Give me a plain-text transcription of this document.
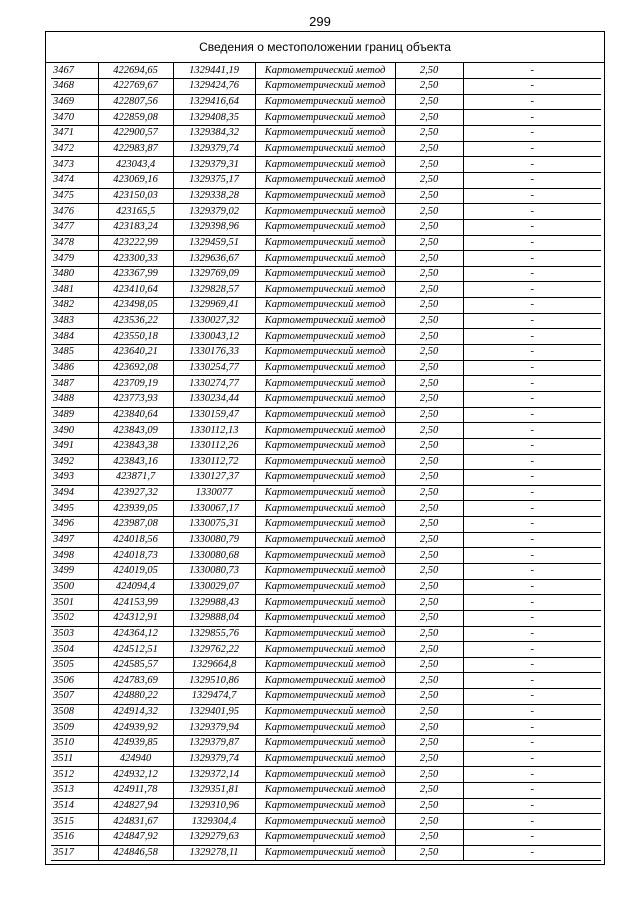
299
Сведения о местоположении границ объекта
3467	422694,65	1329441,19	Картометрический метод	2,50	-
3468	422769,67	1329424,76	Картометрический метод	2,50	-
3469	422807,56	1329416,64	Картометрический метод	2,50	-
3470	422859,08	1329408,35	Картометрический метод	2,50	-
3471	422900,57	1329384,32	Картометрический метод	2,50	-
3472	422983,87	1329379,74	Картометрический метод	2,50	-
3473	423043,4	1329379,31	Картометрический метод	2,50	-
3474	423069,16	1329375,17	Картометрический метод	2,50	-
3475	423150,03	1329338,28	Картометрический метод	2,50	-
3476	423165,5	1329379,02	Картометрический метод	2,50	-
3477	423183,24	1329398,96	Картометрический метод	2,50	-
3478	423222,99	1329459,51	Картометрический метод	2,50	-
3479	423300,33	1329636,67	Картометрический метод	2,50	-
3480	423367,99	1329769,09	Картометрический метод	2,50	-
3481	423410,64	1329828,57	Картометрический метод	2,50	-
3482	423498,05	1329969,41	Картометрический метод	2,50	-
3483	423536,22	1330027,32	Картометрический метод	2,50	-
3484	423550,18	1330043,12	Картометрический метод	2,50	-
3485	423640,21	1330176,33	Картометрический метод	2,50	-
3486	423692,08	1330254,77	Картометрический метод	2,50	-
3487	423709,19	1330274,77	Картометрический метод	2,50	-
3488	423773,93	1330234,44	Картометрический метод	2,50	-
3489	423840,64	1330159,47	Картометрический метод	2,50	-
3490	423843,09	1330112,13	Картометрический метод	2,50	-
3491	423843,38	1330112,26	Картометрический метод	2,50	-
3492	423843,16	1330112,72	Картометрический метод	2,50	-
3493	423871,7	1330127,37	Картометрический метод	2,50	-
3494	423927,32	1330077	Картометрический метод	2,50	-
3495	423939,05	1330067,17	Картометрический метод	2,50	-
3496	423987,08	1330075,31	Картометрический метод	2,50	-
3497	424018,56	1330080,79	Картометрический метод	2,50	-
3498	424018,73	1330080,68	Картометрический метод	2,50	-
3499	424019,05	1330080,73	Картометрический метод	2,50	-
3500	424094,4	1330029,07	Картометрический метод	2,50	-
3501	424153,99	1329988,43	Картометрический метод	2,50	-
3502	424312,91	1329888,04	Картометрический метод	2,50	-
3503	424364,12	1329855,76	Картометрический метод	2,50	-
3504	424512,51	1329762,22	Картометрический метод	2,50	-
3505	424585,57	1329664,8	Картометрический метод	2,50	-
3506	424783,69	1329510,86	Картометрический метод	2,50	-
3507	424880,22	1329474,7	Картометрический метод	2,50	-
3508	424914,32	1329401,95	Картометрический метод	2,50	-
3509	424939,92	1329379,94	Картометрический метод	2,50	-
3510	424939,85	1329379,87	Картометрический метод	2,50	-
3511	424940	1329379,74	Картометрический метод	2,50	-
3512	424932,12	1329372,14	Картометрический метод	2,50	-
3513	424911,78	1329351,81	Картометрический метод	2,50	-
3514	424827,94	1329310,96	Картометрический метод	2,50	-
3515	424831,67	1329304,4	Картометрический метод	2,50	-
3516	424847,92	1329279,63	Картометрический метод	2,50	-
3517	424846,58	1329278,11	Картометрический метод	2,50	-
